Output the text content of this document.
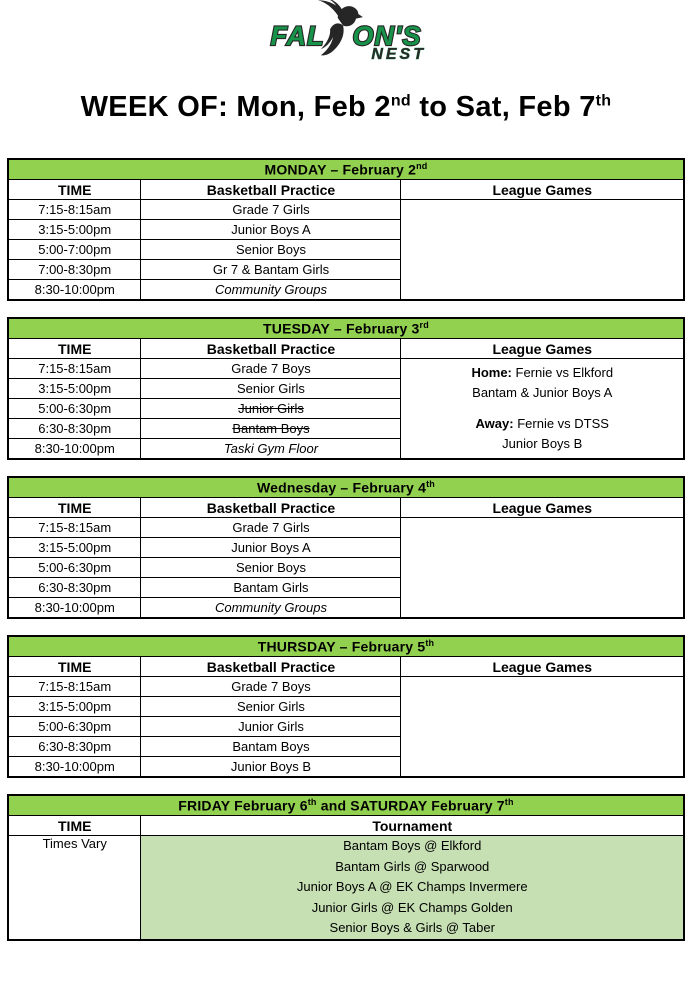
FAL ON'S
NEST
WEEK OF: Mon, Feb 2nd to Sat, Feb 7th
MONDAY – February 2nd
TIME	Basketball Practice	League Games
7:15-8:15am	Grade 7 Girls	
3:15-5:00pm	Junior Boys A	
5:00-7:00pm	Senior Boys	
7:00-8:30pm	Gr 7 & Bantam Girls	
8:30-10:00pm	Community Groups	
TUESDAY – February 3rd
TIME	Basketball Practice	League Games
7:15-8:15am	Grade 7 Boys	Home: Fernie vs Elkford
Bantam & Junior Boys A
Away: Fernie vs DTSS
Junior Boys B

3:15-5:00pm	Senior Girls	
5:00-6:30pm	Junior Girls	
6:30-8:30pm	Bantam Boys	
8:30-10:00pm	Taski Gym Floor	
Wednesday – February 4th
TIME	Basketball Practice	League Games
7:15-8:15am	Grade 7 Girls	
3:15-5:00pm	Junior Boys A	
5:00-6:30pm	Senior Boys	
6:30-8:30pm	Bantam Girls	
8:30-10:00pm	Community Groups	
THURSDAY – February 5th
TIME	Basketball Practice	League Games
7:15-8:15am	Grade 7 Boys	
3:15-5:00pm	Senior Girls	
5:00-6:30pm	Junior Girls	
6:30-8:30pm	Bantam Boys	
8:30-10:00pm	Junior Boys B	
FRIDAY February 6th and SATURDAY February 7th
TIME	Tournament
Times Vary	Bantam Boys @ Elkford
Bantam Girls @ Sparwood
Junior Boys A @ EK Champs Invermere
Junior Girls @ EK Champs Golden
Senior Boys & Girls @ Taber
